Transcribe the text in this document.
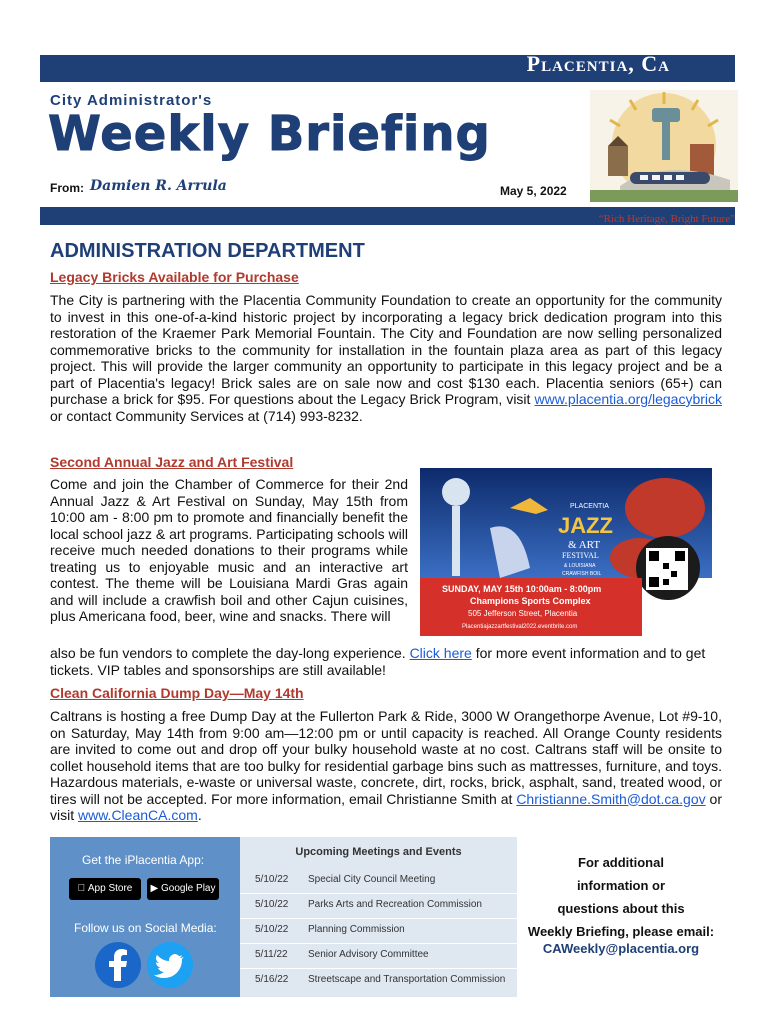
Placentia, Ca
City Administrator's
Weekly Briefing
From: Damien R. Arrula	May 5, 2022
“Rich Heritage, Bright Future”
ADMINISTRATION DEPARTMENT
Legacy Bricks Available for Purchase
The City is partnering with the Placentia Community Foundation to create an opportunity for the community to invest in this one-of-a-kind historic project by incorporating a legacy brick dedication program into this restoration of the Kraemer Park Memorial Fountain. The City and Foundation are now selling personalized commemorative bricks to the community for installation in the fountain plaza area as part of this legacy project. This will provide the larger community an opportunity to participate in this legacy project and be a part of Placentia's legacy! Brick sales are on sale now and cost $130 each. Placentia seniors (65+) can purchase a brick for $95. For questions about the Legacy Brick Program, visit www.placentia.org/legacybrick or contact Community Services at (714) 993-8232.
Second Annual Jazz and Art Festival
Come and join the Chamber of Commerce for their 2nd Annual Jazz & Art Festival on Sunday, May 15th from 10:00 am - 8:00 pm to promote and financially benefit the local school jazz & art programs. Participating schools will receive much needed donations to their programs while treating us to enjoyable music and an interactive art contest. The theme will be Louisiana Mardi Gras again and will include a crawfish boil and other Cajun cuisines, plus Americana food, beer, wine and snacks. There will
PLACENTIA
JAZZ
& ART
FESTIVAL
& LOUISIANA
CRAWFISH BOIL
SUNDAY, MAY 15th 10:00am - 8:00pm
Champions Sports Complex
505 Jefferson Street, Placentia
Placentiajazzartfestival2022.eventbrite.com
also be fun vendors to complete the day-long experience. Click here for more event information and to get tickets. VIP tables and sponsorships are still available!
Clean California Dump Day—May 14th
Caltrans is hosting a free Dump Day at the Fullerton Park & Ride, 3000 W Orangethorpe Avenue, Lot #9-10, on Saturday, May 14th from 9:00 am—12:00 pm or until capacity is reached. All Orange County residents are invited to come out and drop off your bulky household waste at no cost. Caltrans staff will be onsite to collet household items that are too bulky for residential garbage bins such as mattresses, furniture, and toys. Hazardous materials, e-waste or universal waste, concrete, dirt, rocks, brick, asphalt, sand, treated wood, or tires will not be accepted. For more information, email Christianne Smith at Christianne.Smith@dot.ca.gov or visit www.CleanCA.com.
Get the iPlacentia App:
App Store	▶ Google Play
Follow us on Social Media:
Upcoming Meetings and Events
5/10/22 Special City Council Meeting
5/10/22 Parks Arts and Recreation Commission
5/10/22 Planning Commission
5/11/22 Senior Advisory Committee
5/16/22 Streetscape and Transportation Commission
For additional
information or
questions about this
Weekly Briefing, please email:
CAWeekly@placentia.org
